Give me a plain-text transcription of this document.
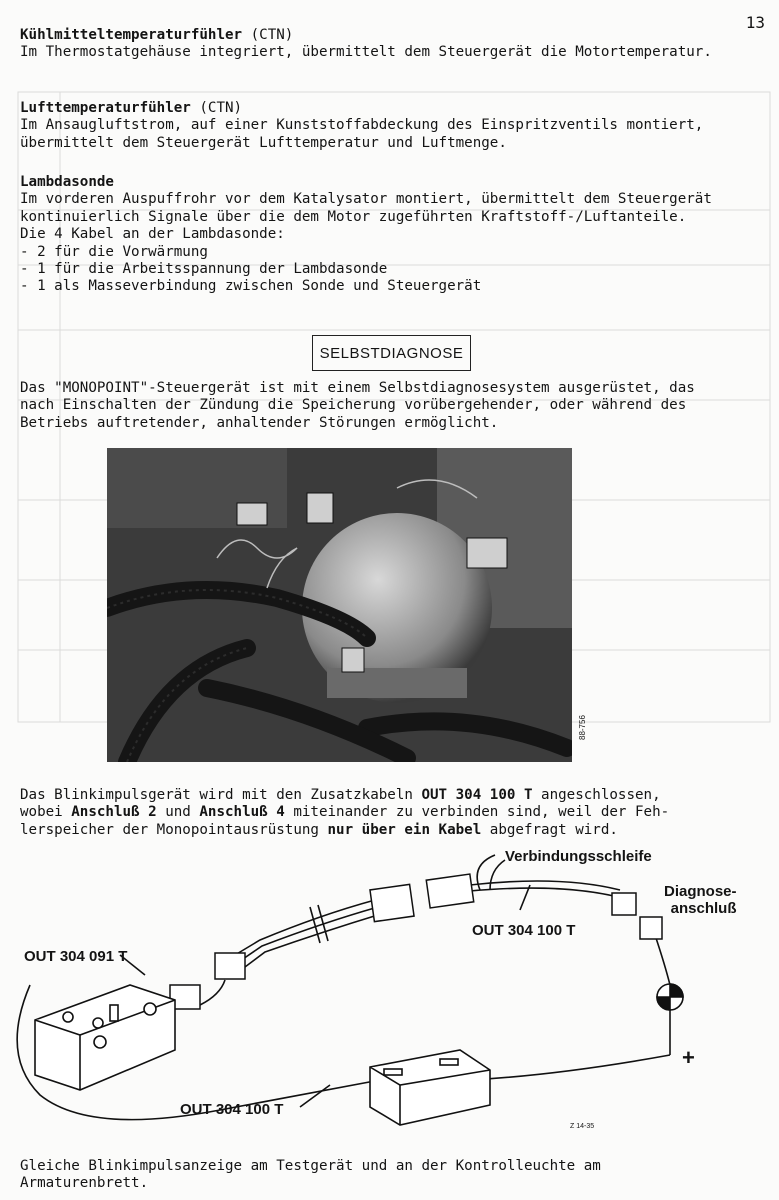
13
Kühlmitteltemperaturfühler (CTN)
Im Thermostatgehäuse integriert, übermittelt dem Steuergerät die Motortemperatur.
Lufttemperaturfühler (CTN)
Im Ansaugluftstrom, auf einer Kunststoffabdeckung des Einspritzventils montiert,
übermittelt dem Steuergerät Lufttemperatur und Luftmenge.
Lambdasonde
Im vorderen Auspuffrohr vor dem Katalysator montiert, übermittelt dem Steuergerät
kontinuierlich Signale über die dem Motor zugeführten Kraftstoff-/Luftanteile.
Die 4 Kabel an der Lambdasonde:
- 2 für die Vorwärmung
- 1 für die Arbeitsspannung der Lambdasonde
- 1 als Masseverbindung zwischen Sonde und Steuergerät
SELBSTDIAGNOSE
Das "MONOPOINT"-Steuergerät ist mit einem Selbstdiagnosesystem ausgerüstet, das
nach Einschalten der Zündung die Speicherung vorübergehender, oder während des
Betriebs auftretender, anhaltender Störungen ermöglicht.
88-756
Das Blinkimpulsgerät wird mit den Zusatzkabeln OUT 304 100 T angeschlossen,
wobei Anschluß 2 und Anschluß 4 miteinander zu verbinden sind, weil der Feh-
lerspeicher der Monopointausrüstung nur über ein Kabel abgefragt wird.
Verbindungsschleife
Diagnose-
anschluß
OUT 304 100 T
OUT 304 091 T
OUT 304 100 T
+
Z 14-35
Gleiche Blinkimpulsanzeige am Testgerät und an der Kontrolleuchte am
Armaturenbrett.
